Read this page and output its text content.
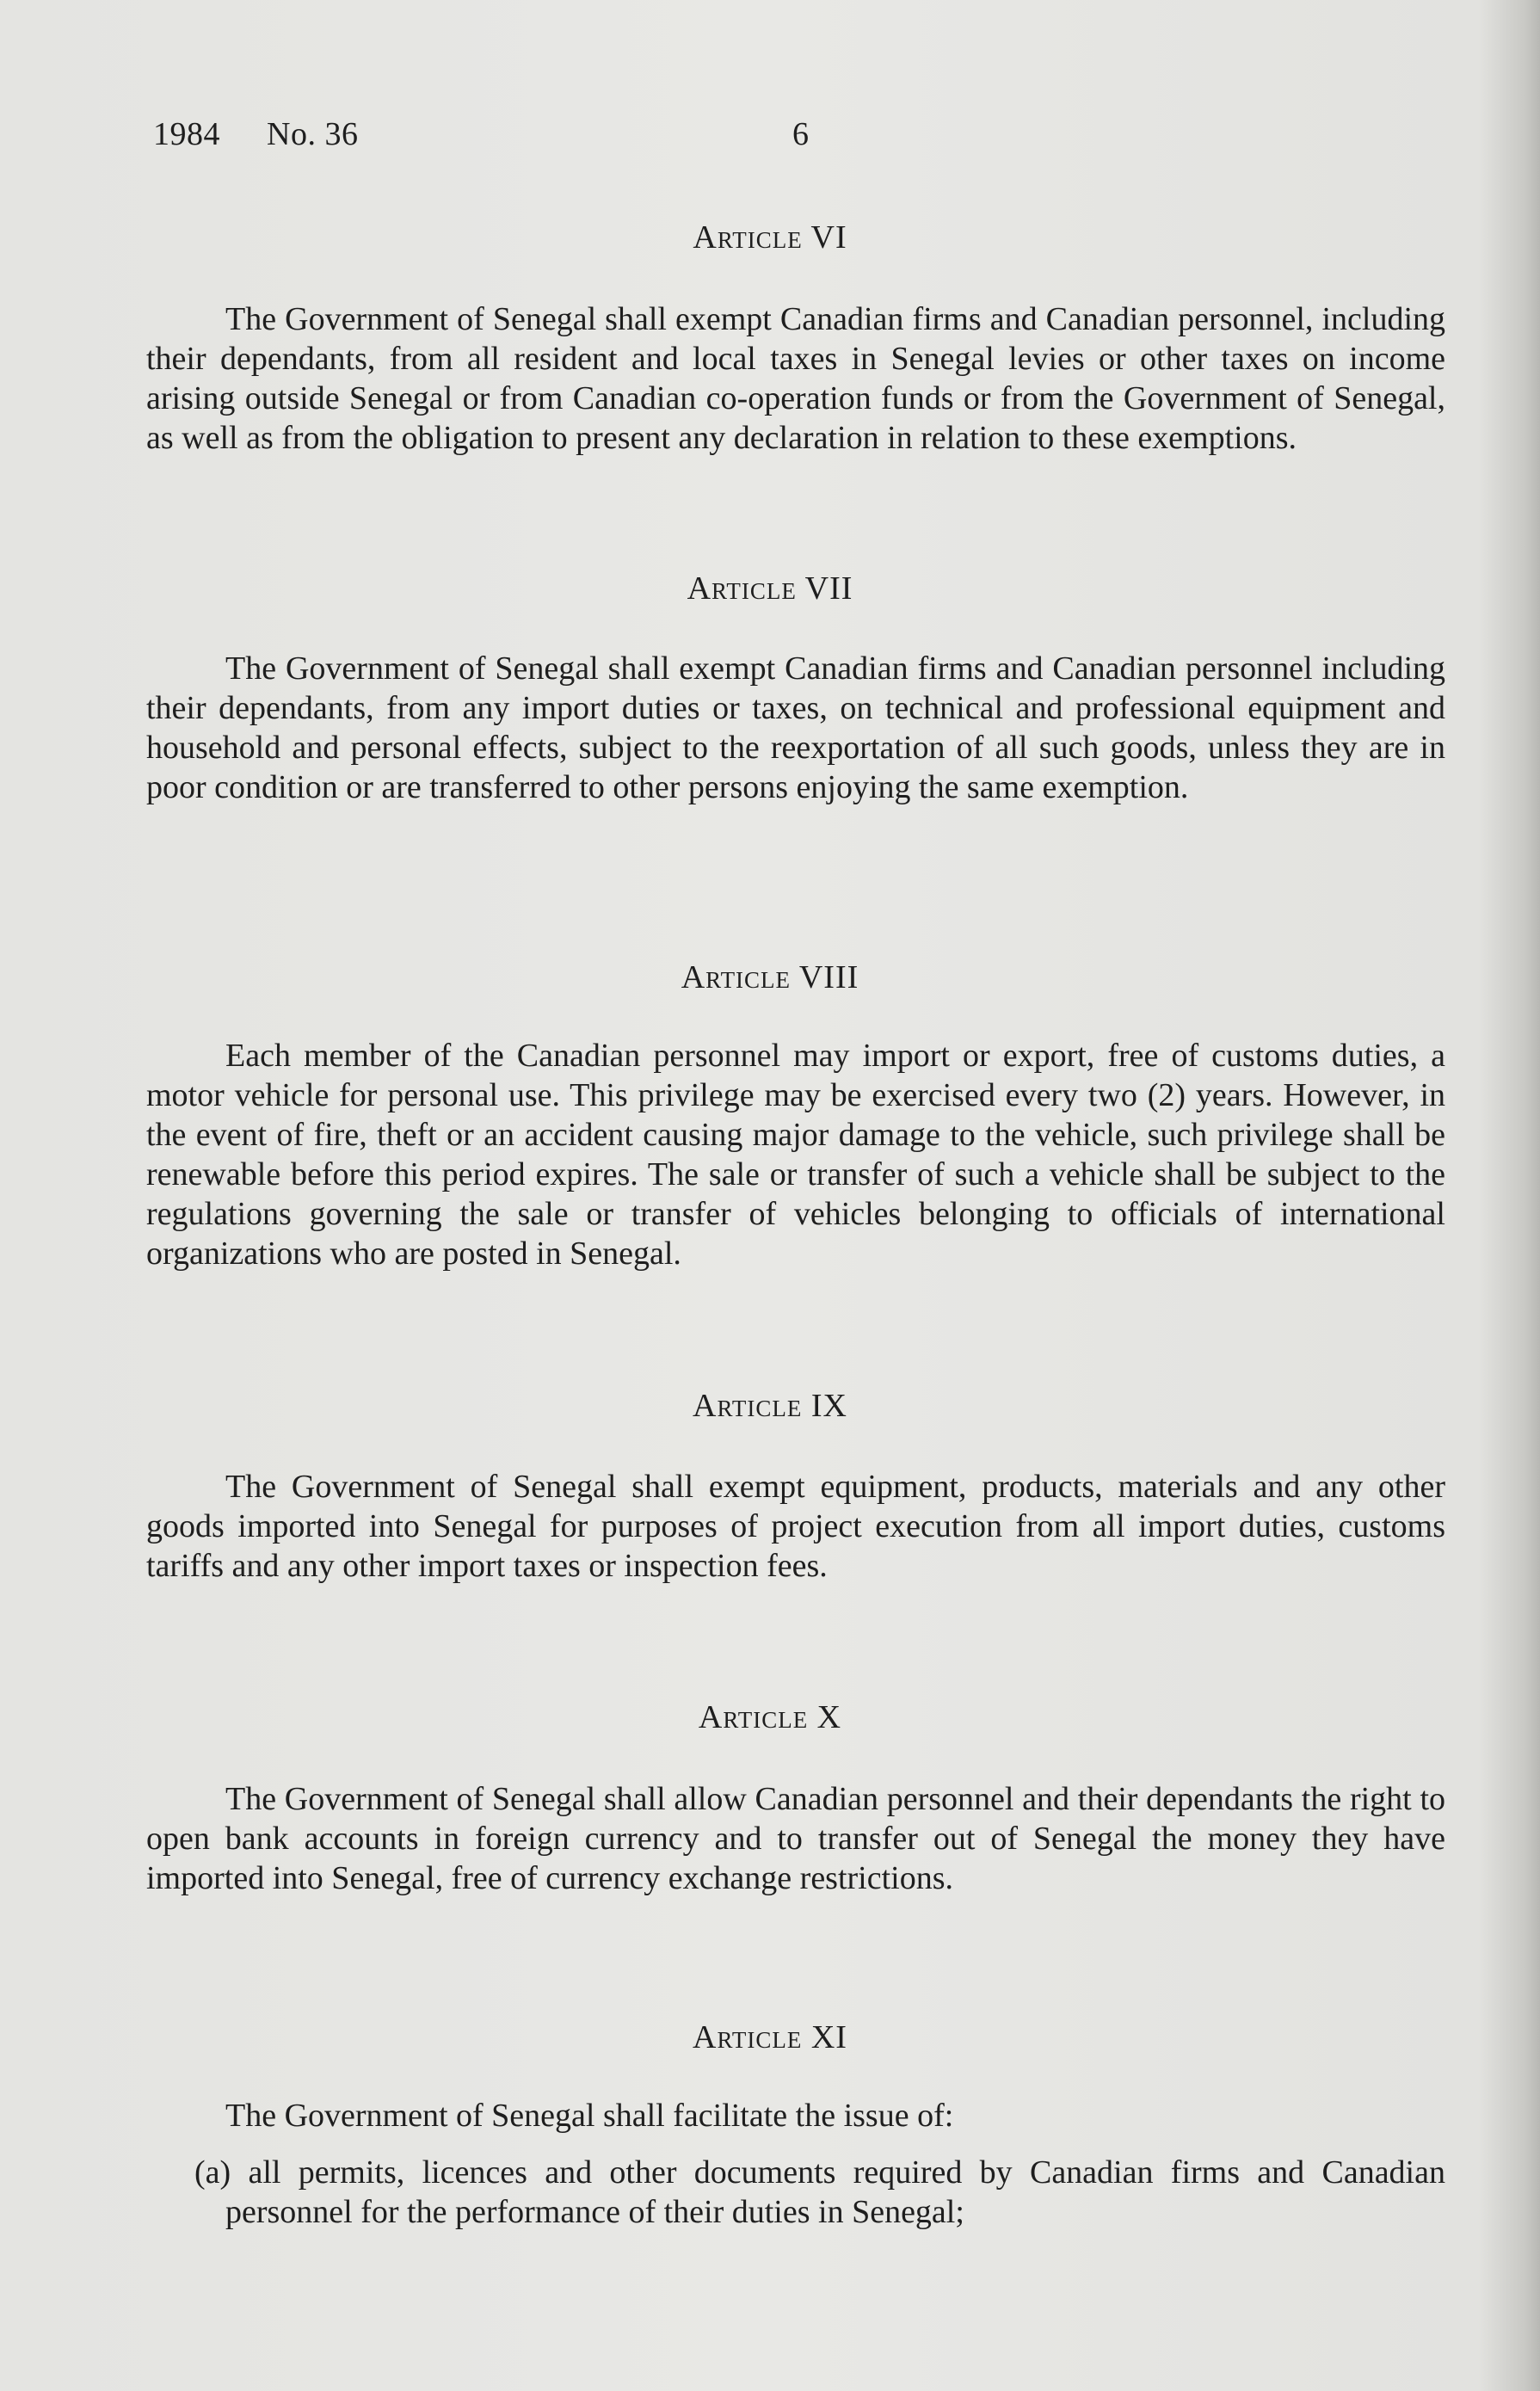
1984 No. 36	6
Article VI
The Government of Senegal shall exempt Canadian firms and Canadian personnel, including their dependants, from all resident and local taxes in Senegal levies or other taxes on income arising outside Senegal or from Canadian co-operation funds or from the Government of Senegal, as well as from the obligation to present any declaration in relation to these exemptions.
Article VII
The Government of Senegal shall exempt Canadian firms and Canadian personnel including their dependants, from any import duties or taxes, on technical and professional equipment and household and personal effects, subject to the reexportation of all such goods, unless they are in poor condition or are transferred to other persons enjoying the same exemption.
Article VIII
Each member of the Canadian personnel may import or export, free of customs duties, a motor vehicle for personal use. This privilege may be exercised every two (2) years. However, in the event of fire, theft or an accident causing major damage to the vehicle, such privilege shall be renewable before this period expires. The sale or transfer of such a vehicle shall be subject to the regulations governing the sale or transfer of vehicles belonging to officials of international organizations who are posted in Senegal.
Article IX
The Government of Senegal shall exempt equipment, products, materials and any other goods imported into Senegal for purposes of project execution from all import duties, customs tariffs and any other import taxes or inspection fees.
Article X
The Government of Senegal shall allow Canadian personnel and their dependants the right to open bank accounts in foreign currency and to transfer out of Senegal the money they have imported into Senegal, free of currency exchange restrictions.
Article XI
The Government of Senegal shall facilitate the issue of:
(a) all permits, licences and other documents required by Canadian firms and Canadian personnel for the performance of their duties in Senegal;
